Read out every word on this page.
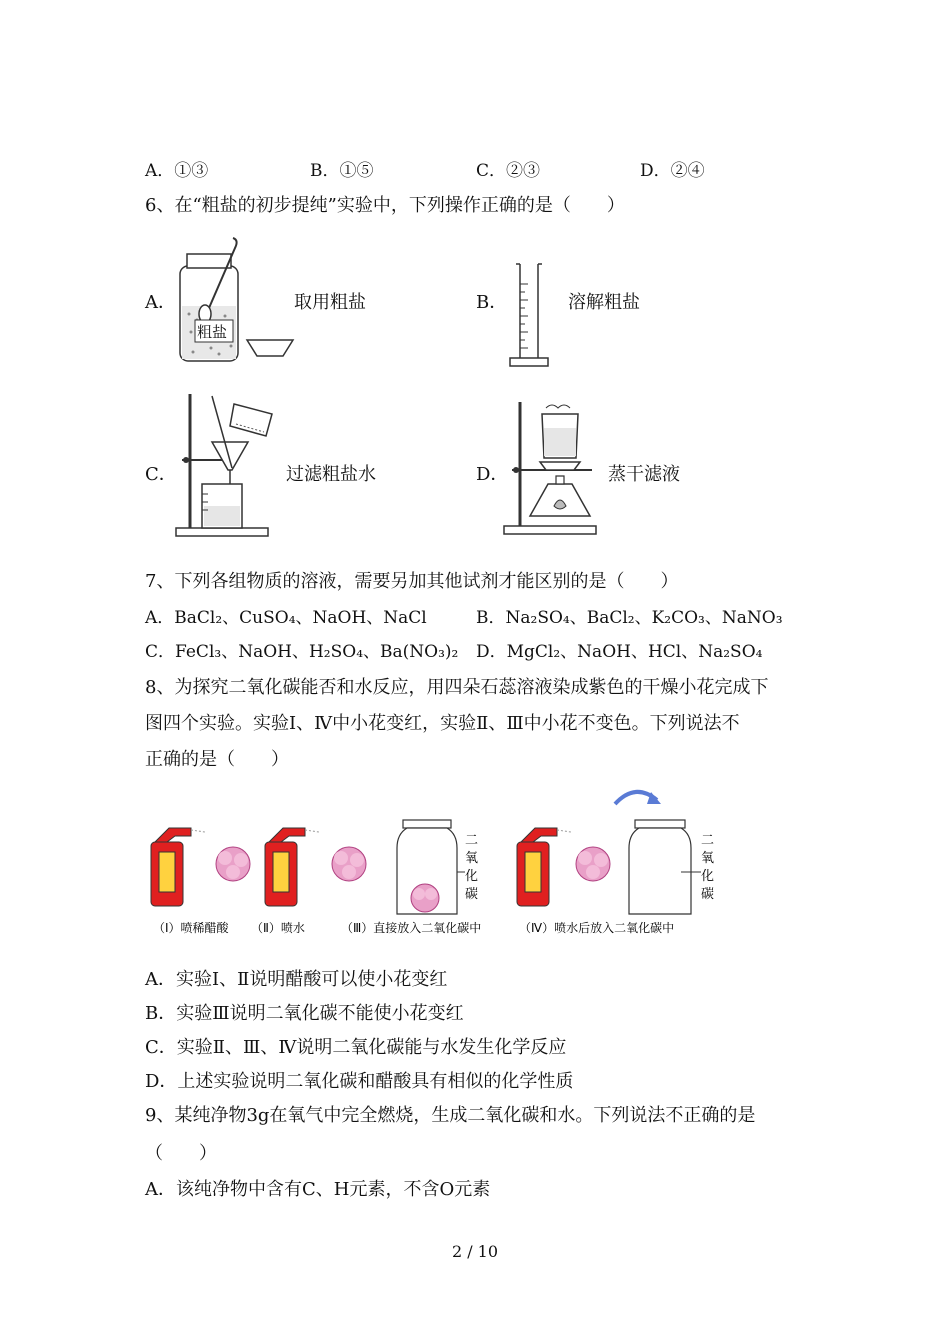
A．①③	B．①⑤	C．②③	D．②④
6、在“粗盐的初步提纯”实验中，下列操作正确的是（　　）
A．
粗盐
取用粗盐	B．	溶解粗盐
C．	过滤粗盐水	D．	蒸干滤液
7、下列各组物质的溶液，需要另加其他试剂才能区别的是（　　）
A．BaCl₂、CuSO₄、NaOH、NaCl	B．Na₂SO₄、BaCl₂、K₂CO₃、NaNO₃
C．FeCl₃、NaOH、H₂SO₄、Ba(NO₃)₂ D．MgCl₂、NaOH、HCl、Na₂SO₄
8、为探究二氧化碳能否和水反应，用四朵石蕊溶液染成紫色的干燥小花完成下
图四个实验。实验Ⅰ、Ⅳ中小花变红，实验Ⅱ、Ⅲ中小花不变色。下列说法不
正确的是（　　）
二
氧
化
碳
二
氧
化
碳
（I）喷稀醋酸 （Ⅱ）喷水	（Ⅲ）直接放入二氧化碳中	（Ⅳ）喷水后放入二氧化碳中
A．实验Ⅰ、Ⅱ说明醋酸可以使小花变红
B．实验Ⅲ说明二氧化碳不能使小花变红
C．实验Ⅱ、Ⅲ、Ⅳ说明二氧化碳能与水发生化学反应
D．上述实验说明二氧化碳和醋酸具有相似的化学性质
9、某纯净物3g在氧气中完全燃烧，生成二氧化碳和水。下列说法不正确的是
（　　）
A．该纯净物中含有C、H元素，不含O元素
2 / 10
